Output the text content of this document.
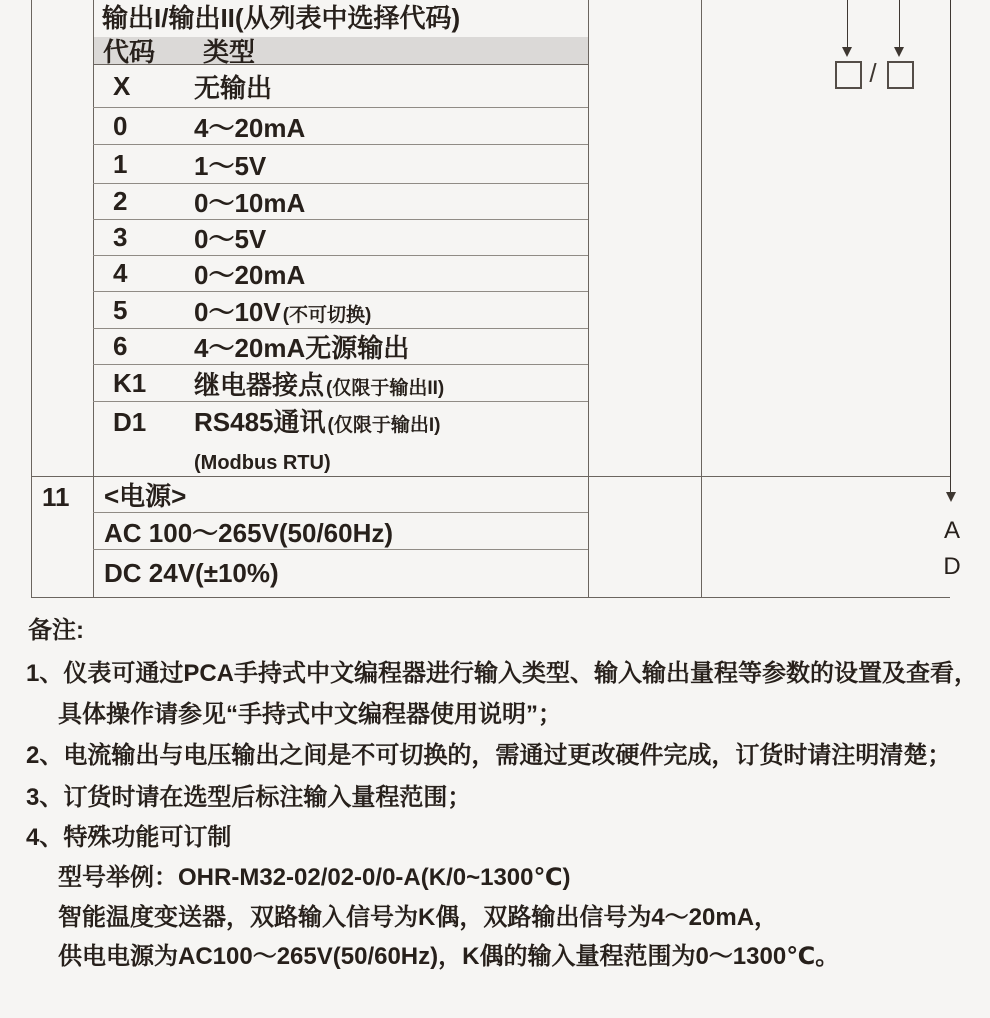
输出I/输出II(从列表中选择代码)
代码	类型
X	无输出
0	4～20mA
1	1～5V
2	0～10mA
3	0～5V
4	0～20mA
5	0～10V (不可切换)
6	4～20mA无源输出
K1	继电器接点 (仅限于输出II)
D1	RS485通讯 (仅限于输出I)
(Modbus RTU)
11 <电源>
AC 100～265V(50/60Hz)
DC 24V(±10%)
/
A
D
备注:
1、仪表可通过PCA手持式中文编程器进行输入类型、输入输出量程等参数的设置及查看，
具体操作请参见“手持式中文编程器使用说明”；
2、电流输出与电压输出之间是不可切换的，需通过更改硬件完成，订货时请注明清楚；
3、订货时请在选型后标注输入量程范围；
4、特殊功能可订制
型号举例：OHR-M32-02/02-0/0-A(K/0~1300℃)
智能温度变送器，双路输入信号为K偶，双路输出信号为4～20mA，
供电电源为AC100～265V(50/60Hz)，K偶的输入量程范围为0～1300℃。
